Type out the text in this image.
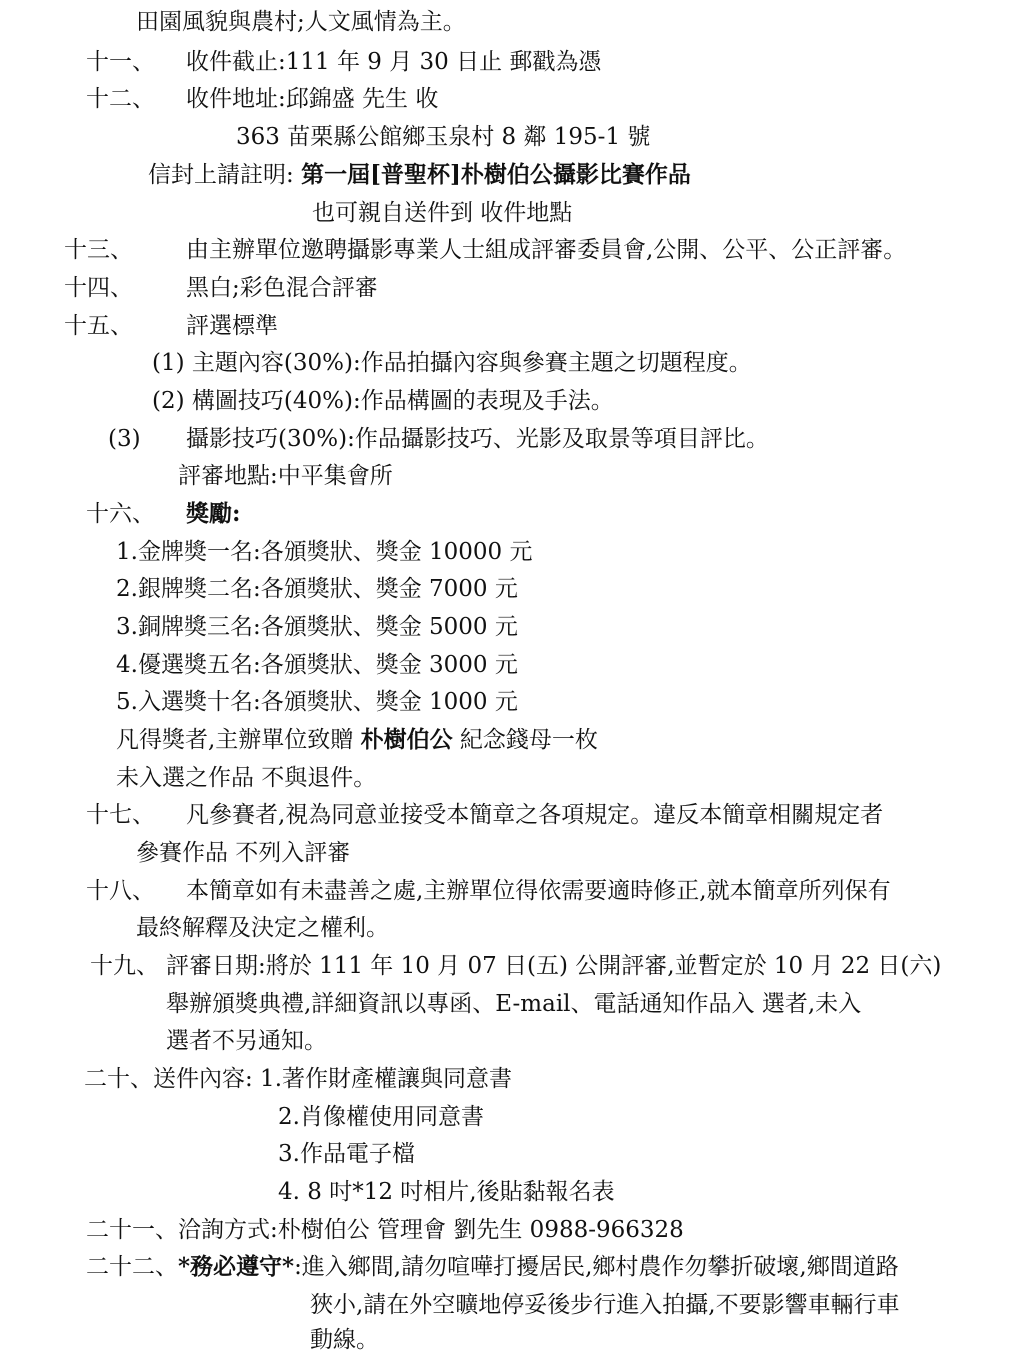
田園風貌與農村;人文風情為主。
十一、 收件截止:111 年 9 月 30 日止 郵戳為憑
十二、 收件地址:邱錦盛 先生 收
363 苗栗縣公館鄉玉泉村 8 鄰 195-1 號
信封上請註明: 第一屆[普聖杯]朴樹伯公攝影比賽作品
也可親自送件到 收件地點
十三、 由主辦單位邀聘攝影專業人士組成評審委員會,公開、公平、公正評審。
十四、 黑白;彩色混合評審
十五、 評選標準
(1) 主題內容(30%):作品拍攝內容與參賽主題之切題程度。
(2) 構圖技巧(40%):作品構圖的表現及手法。
(3) 攝影技巧(30%):作品攝影技巧、光影及取景等項目評比。
評審地點:中平集會所
十六、 獎勵:
1.金牌獎一名:各頒獎狀、獎金 10000 元
2.銀牌獎二名:各頒獎狀、獎金 7000 元
3.銅牌獎三名:各頒獎狀、獎金 5000 元
4.優選獎五名:各頒獎狀、獎金 3000 元
5.入選獎十名:各頒獎狀、獎金 1000 元
凡得獎者,主辦單位致贈 朴樹伯公 紀念錢母一枚
未入選之作品 不與退件。
十七、 凡參賽者,視為同意並接受本簡章之各項規定。違反本簡章相關規定者
參賽作品 不列入評審
十八、 本簡章如有未盡善之處,主辦單位得依需要適時修正,就本簡章所列保有
最終解釋及決定之權利。
十九、 評審日期:將於 111 年 10 月 07 日(五) 公開評審,並暫定於 10 月 22 日(六)
舉辦頒獎典禮,詳細資訊以專函、E-mail、電話通知作品入 選者,未入
選者不另通知。
二十、送件內容: 1.著作財產權讓與同意書
2.肖像權使用同意書
3.作品電子檔
4. 8 吋*12 吋相片,後貼黏報名表
二十一、洽詢方式:朴樹伯公 管理會 劉先生 0988-966328
二十二、*務必遵守*:進入鄉間,請勿喧嘩打擾居民,鄉村農作勿攀折破壞,鄉間道路
狹小,請在外空曠地停妥後步行進入拍攝,不要影響車輛行車
動線。
